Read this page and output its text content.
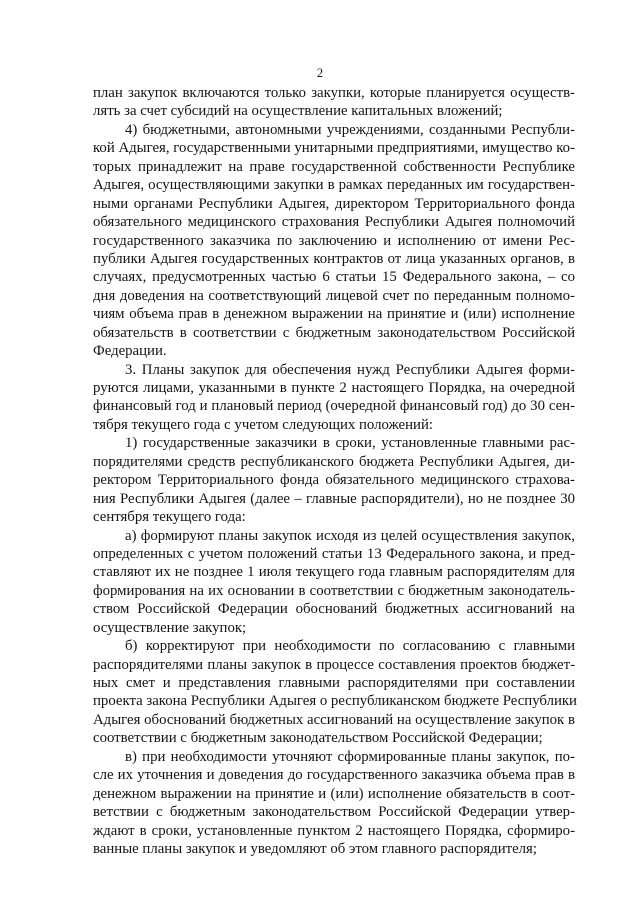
2
план закупок включаются только закупки, которые планируется осуществ-
лять за счет субсидий на осуществление капитальных вложений;
4) бюджетными, автономными учреждениями, созданными Республи-
кой Адыгея, государственными унитарными предприятиями, имущество ко-
торых принадлежит на праве государственной собственности Республике
Адыгея, осуществляющими закупки в рамках переданных им государствен-
ными органами Республики Адыгея, директором Территориального фонда
обязательного медицинского страхования Республики Адыгея полномочий
государственного заказчика по заключению и исполнению от имени Рес-
публики Адыгея государственных контрактов от лица указанных органов, в
случаях, предусмотренных частью 6 статьи 15 Федерального закона, – со
дня доведения на соответствующий лицевой счет по переданным полномо-
чиям объема прав в денежном выражении на принятие и (или) исполнение
обязательств в соответствии с бюджетным законодательством Российской
Федерации.
3. Планы закупок для обеспечения нужд Республики Адыгея форми-
руются лицами, указанными в пункте 2 настоящего Порядка, на очередной
финансовый год и плановый период (очередной финансовый год) до 30 сен-
тября текущего года с учетом следующих положений:
1) государственные заказчики в сроки, установленные главными рас-
порядителями средств республиканского бюджета Республики Адыгея, ди-
ректором Территориального фонда обязательного медицинского страхова-
ния Республики Адыгея (далее – главные распорядители), но не позднее 30
сентября текущего года:
а) формируют планы закупок исходя из целей осуществления закупок,
определенных с учетом положений статьи 13 Федерального закона, и пред-
ставляют их не позднее 1 июля текущего года главным распорядителям для
формирования на их основании в соответствии с бюджетным законодатель-
ством Российской Федерации обоснований бюджетных ассигнований на
осуществление закупок;
б) корректируют при необходимости по согласованию с главными
распорядителями планы закупок в процессе составления проектов бюджет-
ных смет и представления главными распорядителями при составлении
проекта закона Республики Адыгея о республиканском бюджете Республики
Адыгея обоснований бюджетных ассигнований на осуществление закупок в
соответствии с бюджетным законодательством Российской Федерации;
в) при необходимости уточняют сформированные планы закупок, по-
сле их уточнения и доведения до государственного заказчика объема прав в
денежном выражении на принятие и (или) исполнение обязательств в соот-
ветствии с бюджетным законодательством Российской Федерации утвер-
ждают в сроки, установленные пунктом 2 настоящего Порядка, сформиро-
ванные планы закупок и уведомляют об этом главного распорядителя;
